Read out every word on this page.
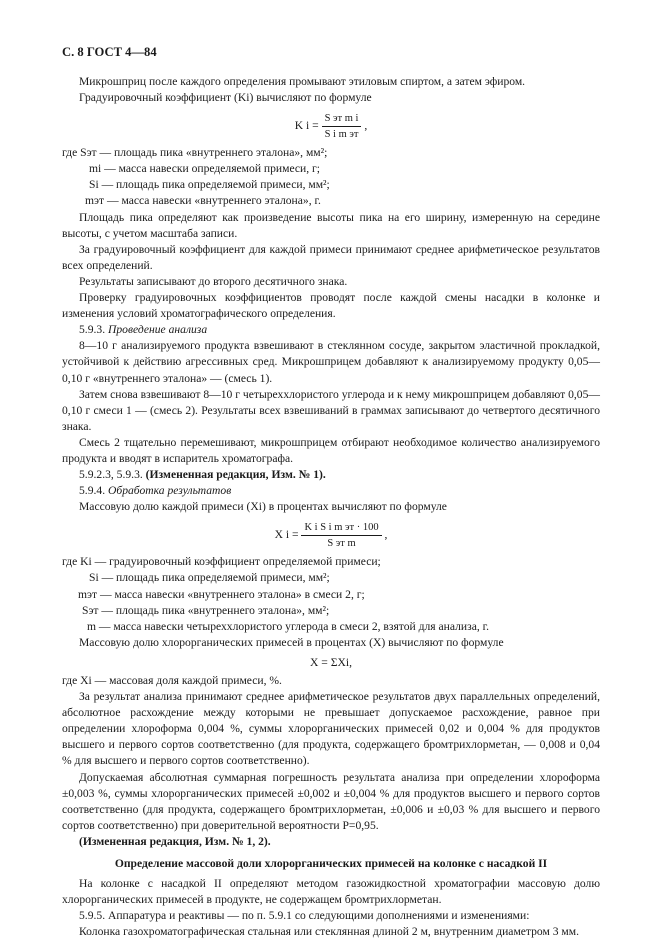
С. 8 ГОСТ 4—84

Микрошприц после каждого определения промывают этиловым спиртом, а затем эфиром.

Градуировочный коэффициент (Ki) вычисляют по формуле

K $i = \frac{\text{S эт m i}}{\text{S i m эт}}$ ,

где Sэт — площадь пика «внутреннего эталона», мм²;

mi — масса навески определяемой примеси, г;

Si — площадь пика определяемой примеси, мм²;

mэт — масса навески «внутреннего эталона», г.

Площадь пика определяют как произведение высоты пика на его ширину, измеренную на середине высоты, с учетом масштаба записи.

За градуировочный коэффициент для каждой примеси принимают среднее арифметическое результатов всех определений.

Результаты записывают до второго десятичного знака.

Проверку градуировочных коэффициентов проводят после каждой смены насадки в колонке и изменения условий хроматографического определения.

5.9.3. Проведение анализа

8—10 г анализируемого продукта взвешивают в стеклянном сосуде, закрытом эластичной прокладкой, устойчивой к действию агрессивных сред. Микрошприцем добавляют к анализируемому продукту 0,05—0,10 г «внутреннего эталона» — (смесь 1).

Затем снова взвешивают 8—10 г четыреххлористого углерода и к нему микрошприцем добавляют 0,05—0,10 г смеси 1 — (смесь 2). Результаты всех взвешиваний в граммах записывают до четвертого десятичного знака.

Смесь 2 тщательно перемешивают, микрошприцем отбирают необходимое количество анализируемого продукта и вводят в испаритель хроматографа.

5.9.2.3, 5.9.3. (Измененная редакция, Изм. № 1).

5.9.4. Обработка результатов

Массовую долю каждой примеси (Xi) в процентах вычисляют по формуле

X $i = \frac{\text{K i S i m эт · 100}}{\text{S эт m}}$ ,

где Ki — градуировочный коэффициент определяемой примеси;

Si — площадь пика определяемой примеси, мм²;

mэт — масса навески «внутреннего эталона» в смеси 2, г;

Sэт — площадь пика «внутреннего эталона», мм²;

m — масса навески четыреххлористого углерода в смеси 2, взятой для анализа, г.

Массовую долю хлорорганических примесей в процентах (X) вычисляют по формуле

X = ΣXi,

где Xi — массовая доля каждой примеси, %.

За результат анализа принимают среднее арифметическое результатов двух параллельных определений, абсолютное расхождение между которыми не превышает допускаемое расхождение, равное при определении хлороформа 0,004 %, суммы хлорорганических примесей 0,02 и 0,004 % для продуктов высшего и первого сортов соответственно (для продукта, содержащего бромтрихлорметан, — 0,008 и 0,04 % для высшего и первого сортов соответственно).

Допускаемая абсолютная суммарная погрешность результата анализа при определении хлороформа ±0,003 %, суммы хлорорганических примесей ±0,002 и ±0,004 % для продуктов высшего и первого сортов соответственно (для продукта, содержащего бромтрихлорметан, ±0,006 и ±0,03 % для высшего и первого сортов соответственно) при доверительной вероятности P=0,95.

(Измененная редакция, Изм. № 1, 2).

Определение массовой доли хлорорганических примесей на колонке с насадкой II

На колонке с насадкой II определяют методом газожидкостной хроматографии массовую долю хлорорганических примесей в продукте, не содержащем бромтрихлорметан.

5.9.5. Аппаратура и реактивы — по п. 5.9.1 со следующими дополнениями и изменениями:

Колонка газохроматографическая стальная или стеклянная длиной 2 м, внутренним диаметром 3 мм.
